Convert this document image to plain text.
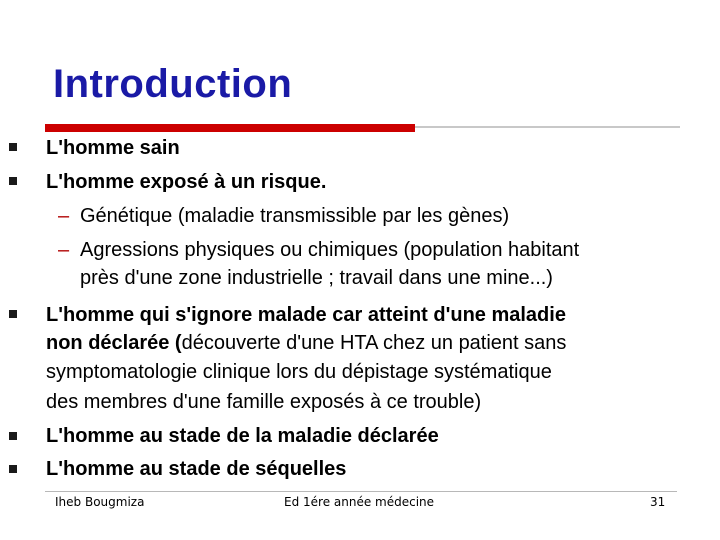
Introduction
L'homme sain
L'homme exposé à un risque.
– Génétique (maladie transmissible par les gènes)
– Agressions physiques ou chimiques (population habitant
près d'une zone industrielle ; travail dans une mine...)
L'homme qui s'ignore malade car atteint d'une maladie
non déclarée (découverte d'une HTA chez un patient sans
symptomatologie clinique lors du dépistage systématique
des membres d'une famille exposés à ce trouble)
L'homme au stade de la maladie déclarée
L'homme au stade de séquelles
Iheb Bougmiza	Ed 1ére année médecine	31
